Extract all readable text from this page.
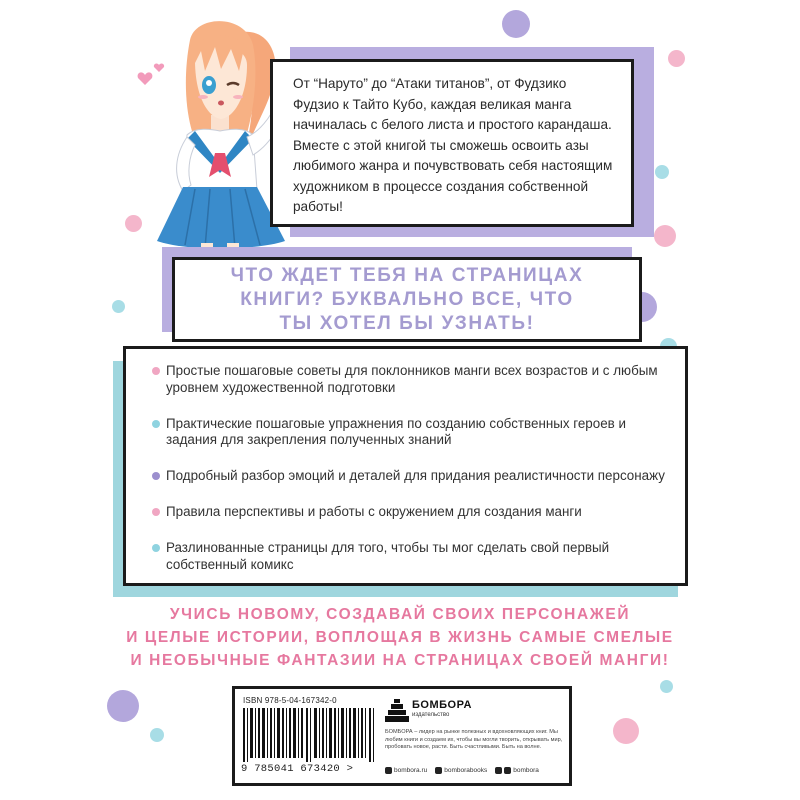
От “Наруто” до “Атаки титанов”, от Фудзико Фудзио к Тайто Кубо, каждая великая манга начиналась с белого листа и простого карандаша. Вместе с этой книгой ты сможешь освоить азы любимого жанра и почувствовать себя настоящим художником в процессе создания собственной работы!
ЧТО ЖДЕТ ТЕБЯ НА СТРАНИЦАХ
КНИГИ? БУКВАЛЬНО ВСЕ, ЧТО
ТЫ ХОТЕЛ БЫ УЗНАТЬ!
Простые пошаговые советы для поклонников манги всех возрастов и с любым уровнем художественной подготовки
Практические пошаговые упражнения по созданию собственных героев и задания для закрепления полученных знаний
Подробный разбор эмоций и деталей для придания реалистичности персонажу
Правила перспективы и работы с окружением для создания манги
Разлинованные страницы для того, чтобы ты мог сделать свой первый собственный комикс
УЧИСЬ НОВОМУ, СОЗДАВАЙ СВОИХ ПЕРСОНАЖЕЙ
И ЦЕЛЫЕ ИСТОРИИ, ВОПЛОЩАЯ В ЖИЗНЬ САМЫЕ СМЕЛЫЕ
И НЕОБЫЧНЫЕ ФАНТАЗИИ НА СТРАНИЦАХ СВОЕЙ МАНГИ!
ISBN 978-5-04-167342-0
9 785041 673420 >
БОМБОРА
издательство
БОМБОРА – лидер на рынке полезных и вдохновляющих книг. Мы любим книги и создаем их, чтобы вы могли творить, открывать мир, пробовать новое, расти. Быть счастливыми. Быть на волне.
bombora.ru	bomborabooks	bombora
